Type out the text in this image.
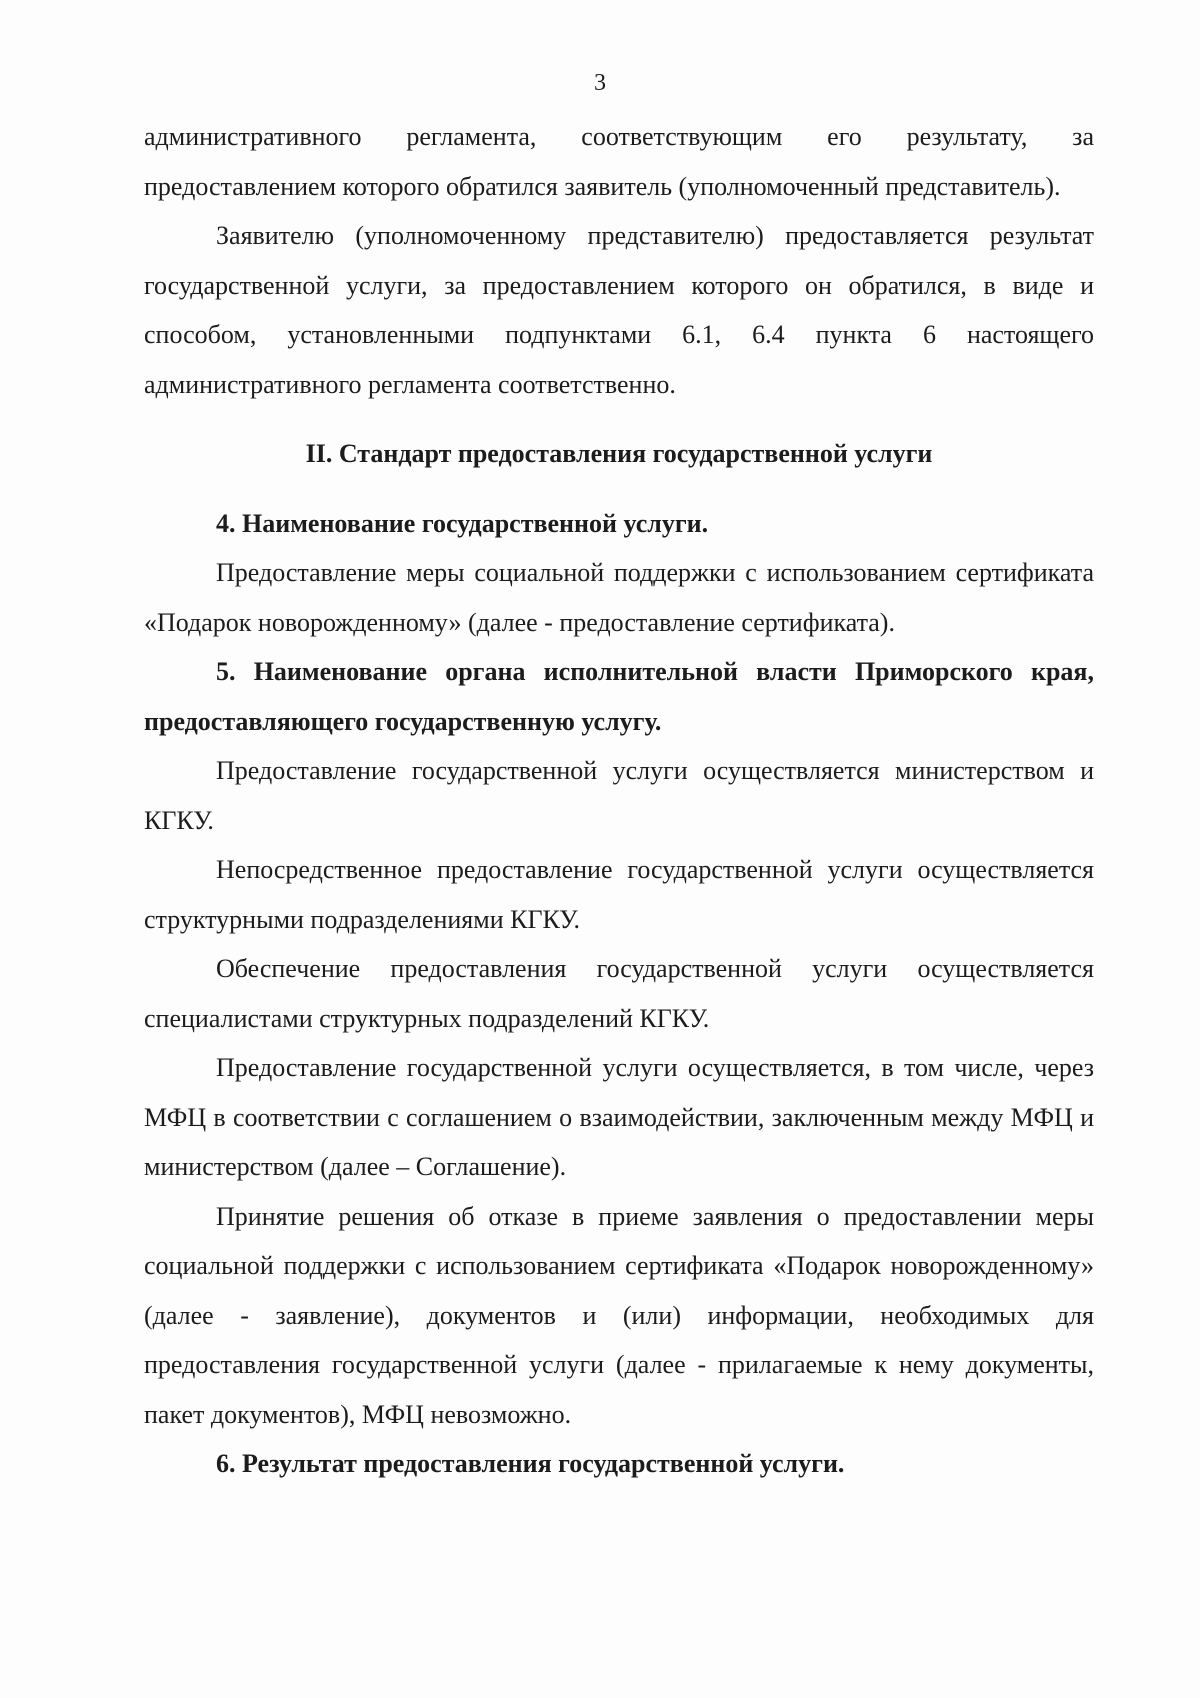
3

административного регламента, соответствующим его результату, за предоставлением которого обратился заявитель (уполномоченный представитель).

Заявителю (уполномоченному представителю) предоставляется результат государственной услуги, за предоставлением которого он обратился, в виде и способом, установленными подпунктами 6.1, 6.4 пункта 6 настоящего административного регламента соответственно.

II. Стандарт предоставления государственной услуги

4. Наименование государственной услуги.

Предоставление меры социальной поддержки с использованием сертификата «Подарок новорожденному» (далее - предоставление сертификата).

5. Наименование органа исполнительной власти Приморского края, предоставляющего государственную услугу.

Предоставление государственной услуги осуществляется министерством и КГКУ.

Непосредственное предоставление государственной услуги осуществляется структурными подразделениями КГКУ.

Обеспечение предоставления государственной услуги осуществляется специалистами структурных подразделений КГКУ.

Предоставление государственной услуги осуществляется, в том числе, через МФЦ в соответствии с соглашением о взаимодействии, заключенным между МФЦ и министерством (далее – Соглашение).

Принятие решения об отказе в приеме заявления о предоставлении меры социальной поддержки с использованием сертификата «Подарок новорожденному» (далее - заявление), документов и (или) информации, необходимых для предоставления государственной услуги (далее - прилагаемые к нему документы, пакет документов), МФЦ невозможно.

6. Результат предоставления государственной услуги.
